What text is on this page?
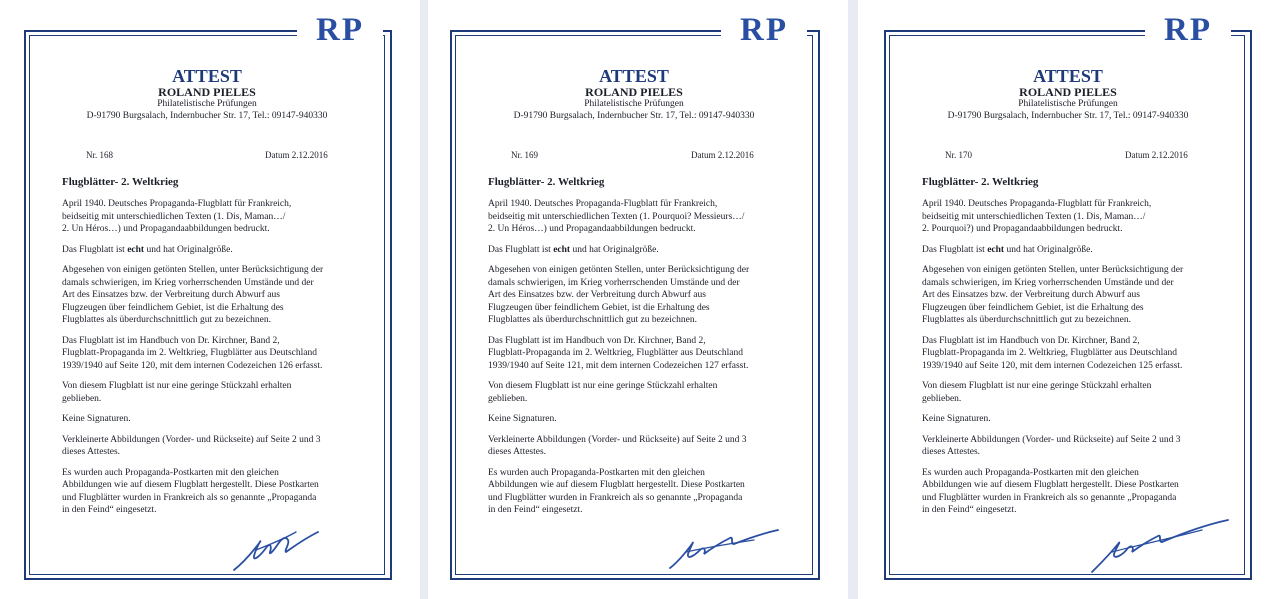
RP
ATTEST
ROLAND PIELES
Philatelistische Prüfungen
D-91790 Burgsalach, Indernbucher Str. 17, Tel.: 09147-940330
Nr. 168	Datum 2.12.2016
Flugblätter- 2. Weltkrieg

April 1940. Deutsches Propaganda-Flugblatt für Frankreich,
beidseitig mit unterschiedlichen Texten (1. Dis, Maman…/
2. Un Héros…) und Propagandaabbildungen bedruckt.

Das Flugblatt ist echt und hat Originalgröße.

Abgesehen von einigen getönten Stellen, unter Berücksichtigung der
damals schwierigen, im Krieg vorherrschenden Umstände und der
Art des Einsatzes bzw. der Verbreitung durch Abwurf aus
Flugzeugen über feindlichem Gebiet, ist die Erhaltung des
Flugblattes als überdurchschnittlich gut zu bezeichnen.

Das Flugblatt ist im Handbuch von Dr. Kirchner, Band 2,
Flugblatt-Propaganda im 2. Weltkrieg, Flugblätter aus Deutschland
1939/1940 auf Seite 120, mit dem internen Codezeichen 126 erfasst.

Von diesem Flugblatt ist nur eine geringe Stückzahl erhalten
geblieben.

Keine Signaturen.

Verkleinerte Abbildungen (Vorder- und Rückseite) auf Seite 2 und 3
dieses Attestes.

Es wurden auch Propaganda-Postkarten mit den gleichen
Abbildungen wie auf diesem Flugblatt hergestellt. Diese Postkarten
und Flugblätter wurden in Frankreich als so genannte „Propaganda
in den Feind“ eingesetzt.

RP
ATTEST
ROLAND PIELES
Philatelistische Prüfungen
D-91790 Burgsalach, Indernbucher Str. 17, Tel.: 09147-940330
Nr. 169	Datum 2.12.2016
Flugblätter- 2. Weltkrieg

April 1940. Deutsches Propaganda-Flugblatt für Frankreich,
beidseitig mit unterschiedlichen Texten (1. Pourquoi? Messieurs…/
2. Un Héros…) und Propagandaabbildungen bedruckt.

Das Flugblatt ist echt und hat Originalgröße.

Abgesehen von einigen getönten Stellen, unter Berücksichtigung der
damals schwierigen, im Krieg vorherrschenden Umstände und der
Art des Einsatzes bzw. der Verbreitung durch Abwurf aus
Flugzeugen über feindlichem Gebiet, ist die Erhaltung des
Flugblattes als überdurchschnittlich gut zu bezeichnen.

Das Flugblatt ist im Handbuch von Dr. Kirchner, Band 2,
Flugblatt-Propaganda im 2. Weltkrieg, Flugblätter aus Deutschland
1939/1940 auf Seite 121, mit dem internen Codezeichen 127 erfasst.

Von diesem Flugblatt ist nur eine geringe Stückzahl erhalten
geblieben.

Keine Signaturen.

Verkleinerte Abbildungen (Vorder- und Rückseite) auf Seite 2 und 3
dieses Attestes.

Es wurden auch Propaganda-Postkarten mit den gleichen
Abbildungen wie auf diesem Flugblatt hergestellt. Diese Postkarten
und Flugblätter wurden in Frankreich als so genannte „Propaganda
in den Feind“ eingesetzt.

RP
ATTEST
ROLAND PIELES
Philatelistische Prüfungen
D-91790 Burgsalach, Indernbucher Str. 17, Tel.: 09147-940330
Nr. 170	Datum 2.12.2016
Flugblätter- 2. Weltkrieg

April 1940. Deutsches Propaganda-Flugblatt für Frankreich,
beidseitig mit unterschiedlichen Texten (1. Dis, Maman…/
2. Pourquoi?) und Propagandaabbildungen bedruckt.

Das Flugblatt ist echt und hat Originalgröße.

Abgesehen von einigen getönten Stellen, unter Berücksichtigung der
damals schwierigen, im Krieg vorherrschenden Umstände und der
Art des Einsatzes bzw. der Verbreitung durch Abwurf aus
Flugzeugen über feindlichem Gebiet, ist die Erhaltung des
Flugblattes als überdurchschnittlich gut zu bezeichnen.

Das Flugblatt ist im Handbuch von Dr. Kirchner, Band 2,
Flugblatt-Propaganda im 2. Weltkrieg, Flugblätter aus Deutschland
1939/1940 auf Seite 120, mit dem internen Codezeichen 125 erfasst.

Von diesem Flugblatt ist nur eine geringe Stückzahl erhalten
geblieben.

Keine Signaturen.

Verkleinerte Abbildungen (Vorder- und Rückseite) auf Seite 2 und 3
dieses Attestes.

Es wurden auch Propaganda-Postkarten mit den gleichen
Abbildungen wie auf diesem Flugblatt hergestellt. Diese Postkarten
und Flugblätter wurden in Frankreich als so genannte „Propaganda
in den Feind“ eingesetzt.
